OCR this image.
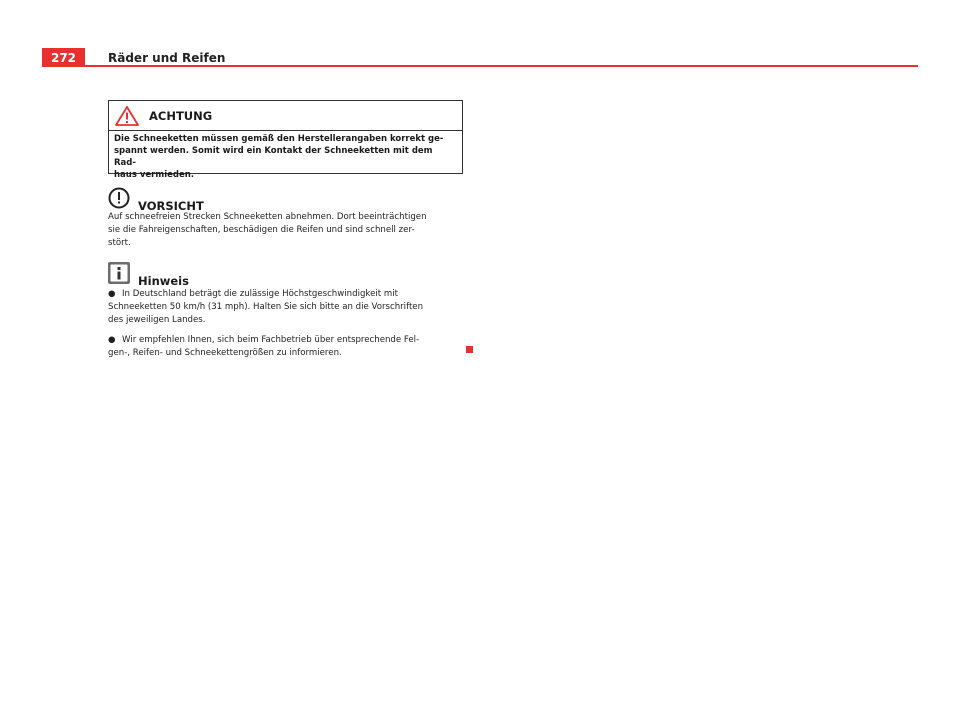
272	Räder und Reifen
ACHTUNG
Die Schneeketten müssen gemäß den Herstellerangaben korrekt ge-
spannt werden. Somit wird ein Kontakt der Schneeketten mit dem Rad-
haus vermieden.
VORSICHT
Auf schneefreien Strecken Schneeketten abnehmen. Dort beeinträchtigen
sie die Fahreigenschaften, beschädigen die Reifen und sind schnell zer-
stört.
Hinweis
● In Deutschland beträgt die zulässige Höchstgeschwindigkeit mit
Schneeketten 50 km/h (31 mph). Halten Sie sich bitte an die Vorschriften
des jeweiligen Landes.
● Wir empfehlen Ihnen, sich beim Fachbetrieb über entsprechende Fel-
gen-, Reifen- und Schneekettengrößen zu informieren.
